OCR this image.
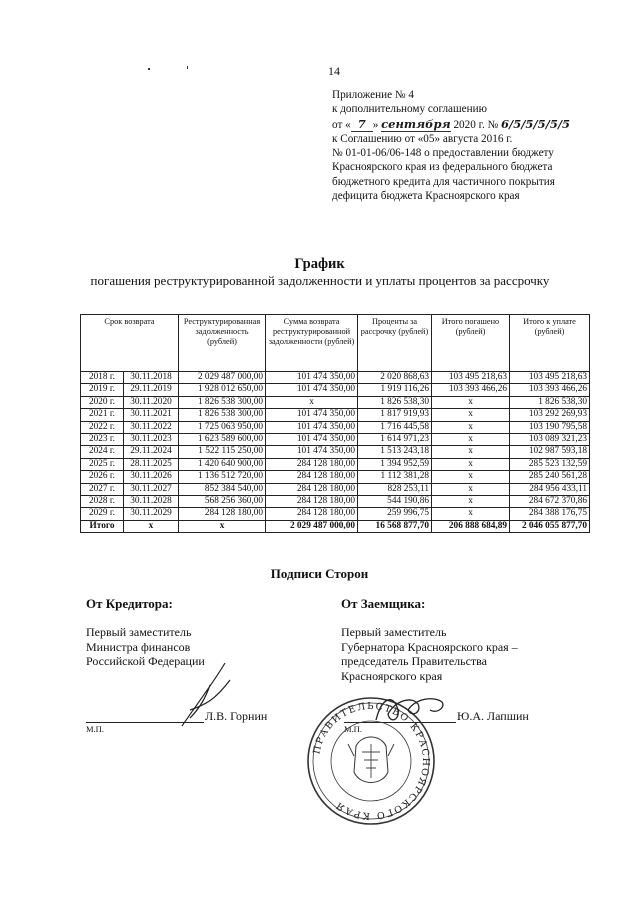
14
Приложение № 4
к дополнительному соглашению
от « 7 » сентября 2020 г. № 6/5/5/5/5/5
к Соглашению от «05» августа 2016 г.
№ 01-01-06/06-148 о предоставлении бюджету
Красноярского края из федерального бюджета
бюджетного кредита для частичного покрытия
дефицита бюджета Красноярского края
График
погашения реструктурированной задолженности и уплаты процентов за рассрочку
Срок возврата		Реструктурированная задолженность (рублей)	Сумма возврата реструктурированной задолженности (рублей)	Проценты за рассрочку (рублей)	Итого погашено (рублей)	Итого к уплате (рублей)
2018 г.	30.11.2018	2 029 487 000,00	101 474 350,00	2 020 868,63	103 495 218,63	103 495 218,63
2019 г.	29.11.2019	1 928 012 650,00	101 474 350,00	1 919 116,26	103 393 466,26	103 393 466,26
2020 г.	30.11.2020	1 826 538 300,00	x	1 826 538,30	x	1 826 538,30
2021 г.	30.11.2021	1 826 538 300,00	101 474 350,00	1 817 919,93	x	103 292 269,93
2022 г.	30.11.2022	1 725 063 950,00	101 474 350,00	1 716 445,58	x	103 190 795,58
2023 г.	30.11.2023	1 623 589 600,00	101 474 350,00	1 614 971,23	x	103 089 321,23
2024 г.	29.11.2024	1 522 115 250,00	101 474 350,00	1 513 243,18	x	102 987 593,18
2025 г.	28.11.2025	1 420 640 900,00	284 128 180,00	1 394 952,59	x	285 523 132,59
2026 г.	30.11.2026	1 136 512 720,00	284 128 180,00	1 112 381,28	x	285 240 561,28
2027 г.	30.11.2027	852 384 540,00	284 128 180,00	828 253,11	x	284 956 433,11
2028 г.	30.11.2028	568 256 360,00	284 128 180,00	544 190,86	x	284 672 370,86
2029 г.	30.11.2029	284 128 180,00	284 128 180,00	259 996,75	x	284 388 176,75
Итого	x	x	2 029 487 000,00	16 568 877,70	206 888 684,89	2 046 055 877,70
Подписи Сторон
От Кредитора:
Первый заместитель
Министра финансов
Российской Федерации
Л.В. Горнин
М.П.
От Заемщика:
Первый заместитель
Губернатора Красноярского края –
председатель Правительства
Красноярского края
Ю.А. Лапшин
М.П.
ПРАВИТЕЛЬСТВО КРАСНОЯРСКОГО КРАЯ
